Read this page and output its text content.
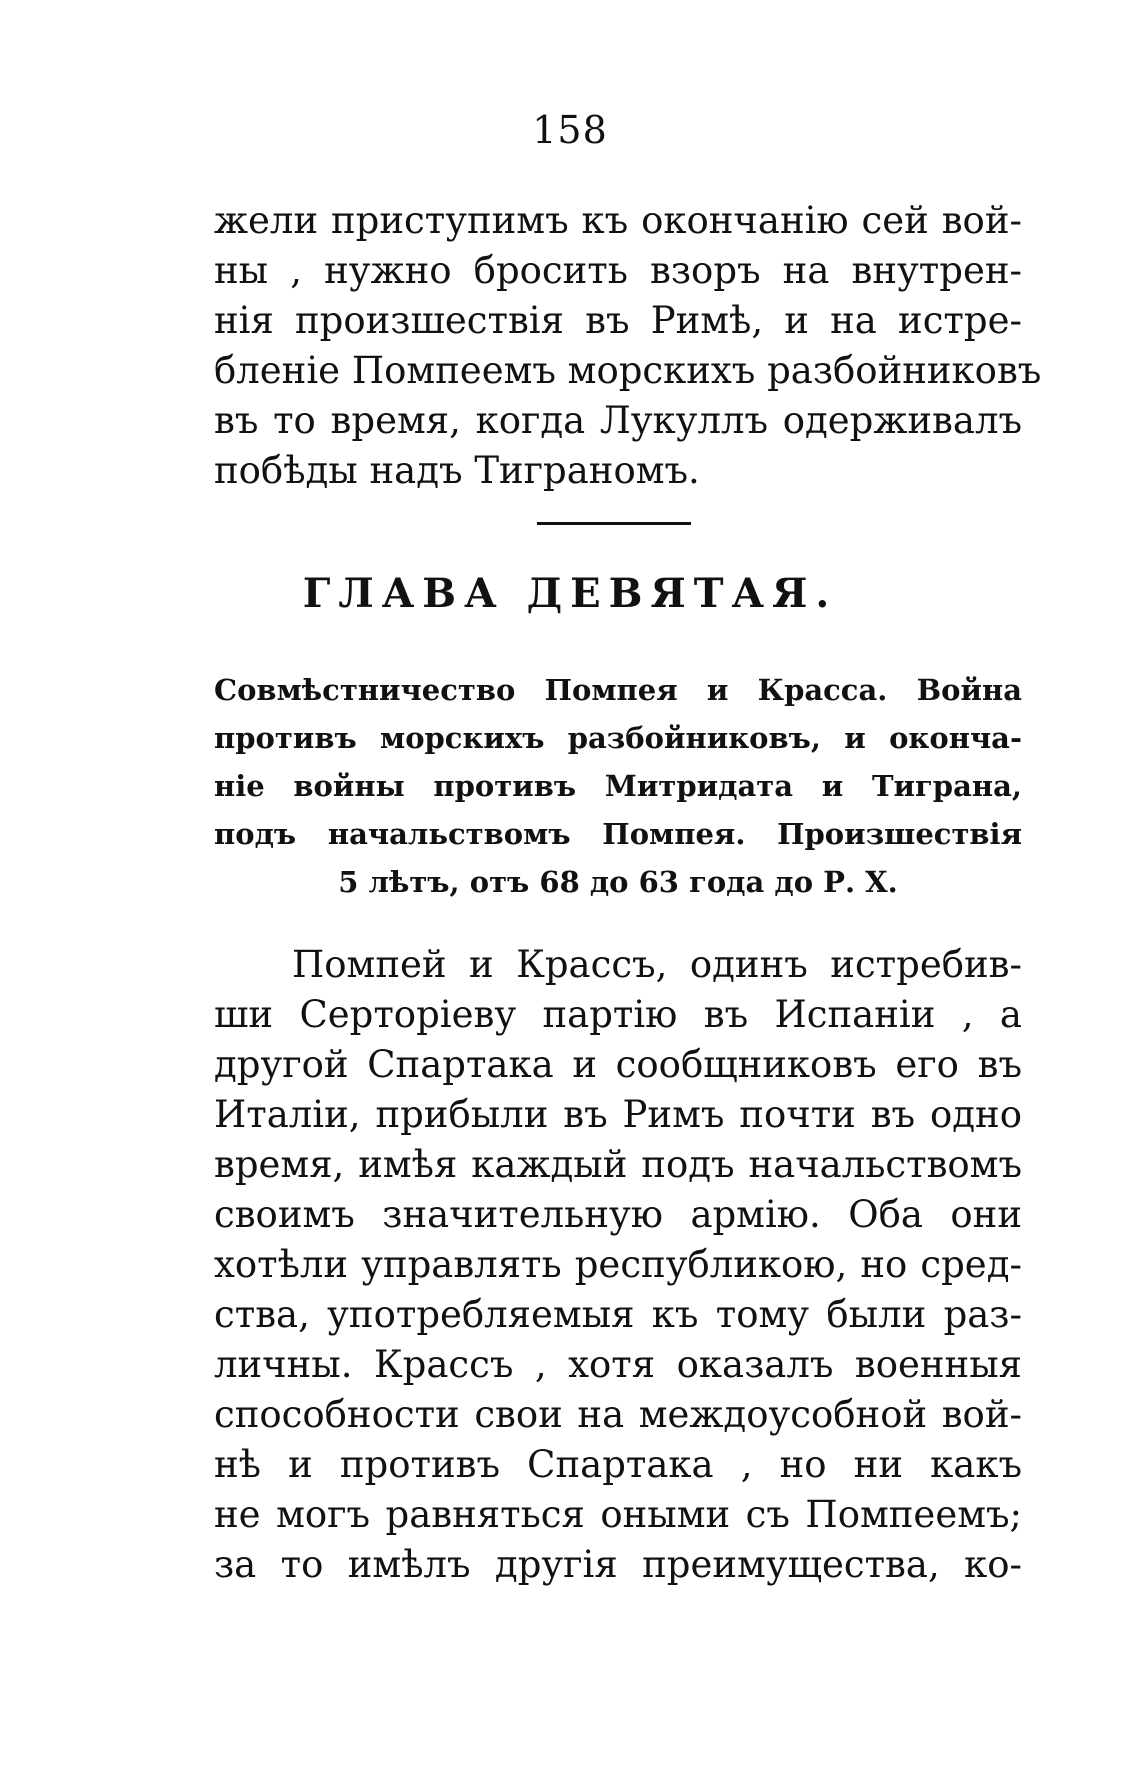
158
жели приступимъ къ окончанію сей вой-
ны , нужно бросить взоръ на внутрен-
нія произшествія въ Римѣ, и на истре-
бленіе Помпеемъ морскихъ разбойниковъ
въ то время, когда Лукуллъ одерживалъ
побѣды надъ Тиграномъ.
ГЛАВА ДЕВЯТАЯ.
Совмѣстничество Помпея и Красса. Война
противъ морскихъ разбойниковъ, и оконча-
ніе войны противъ Митридата и Тиграна,
подъ начальствомъ Помпея. Произшествія
5 лѣтъ, отъ 68 до 63 года до Р. Х.
Помпей и Крассъ, одинъ истребив-
ши Серторіеву партію въ Испаніи , а
другой Спартака и сообщниковъ его въ
Италіи, прибыли въ Римъ почти въ одно
время, имѣя каждый подъ начальствомъ
своимъ значительную армію. Оба они
хотѣли управлять республикою, но сред-
ства, употребляемыя къ тому были раз-
личны. Крассъ , хотя оказалъ военныя
способности свои на междоусобной вой-
нѣ и противъ Спартака , но ни какъ
не могъ равняться оными съ Помпеемъ;
за то имѣлъ другія преимущества, ко-
